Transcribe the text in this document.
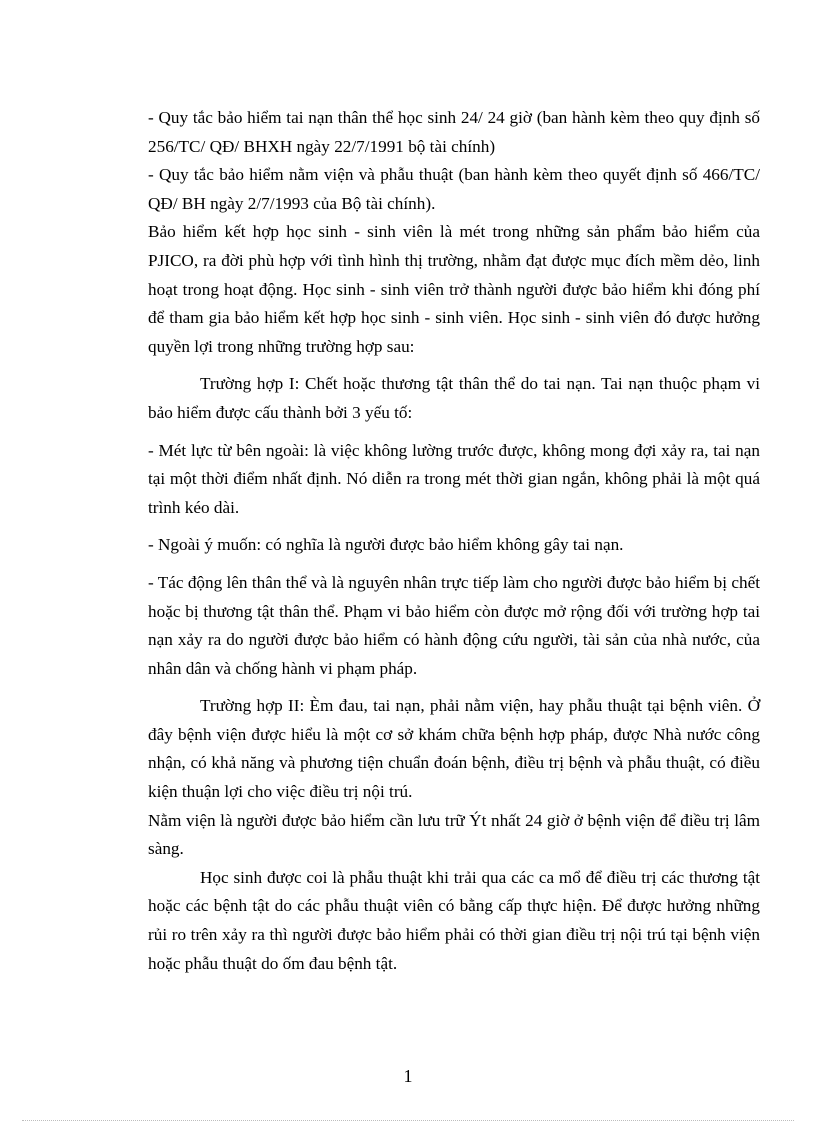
- Quy tắc bảo hiểm tai nạn thân thể học sinh 24/ 24 giờ (ban hành kèm theo quy định số 256/TC/ QĐ/ BHXH ngày 22/7/1991 bộ tài chính)

- Quy tắc bảo hiểm nằm viện và phẫu thuật (ban hành kèm theo quyết định số 466/TC/ QĐ/ BH ngày 2/7/1993 của Bộ tài chính).

Bảo hiểm kết hợp học sinh - sinh viên là mét trong những sản phẩm bảo hiểm của PJICO, ra đời phù hợp với tình hình thị trường, nhằm đạt được mục đích mềm dẻo, linh hoạt trong hoạt động. Học sinh - sinh viên trở thành người được bảo hiểm khi đóng phí để tham gia bảo hiểm kết hợp học sinh - sinh viên. Học sinh - sinh viên đó được hưởng quyền lợi trong những trường hợp sau:

Trường hợp I: Chết hoặc thương tật thân thể do tai nạn. Tai nạn thuộc phạm vi bảo hiểm được cấu thành bởi 3 yếu tố:

- Mét lực từ bên ngoài: là việc không lường trước được, không mong đợi xảy ra, tai nạn tại một thời điểm nhất định. Nó diễn ra trong mét thời gian ngắn, không phải là một quá trình kéo dài.

- Ngoài ý muốn: có nghĩa là người được bảo hiểm không gây tai nạn.

- Tác động lên thân thể và là nguyên nhân trực tiếp làm cho người được bảo hiểm bị chết hoặc bị thương tật thân thể. Phạm vi bảo hiểm còn được mở rộng đối với trường hợp tai nạn xảy ra do người được bảo hiểm có hành động cứu người, tài sản của nhà nước, của nhân dân và chống hành vi phạm pháp.

Trường hợp II: Èm đau, tai nạn, phải nằm viện, hay phẫu thuật tại bệnh viên. Ở đây bệnh viện được hiểu là một cơ sở khám chữa bệnh hợp pháp, được Nhà nước công nhận, có khả năng và phương tiện chuẩn đoán bệnh, điều trị bệnh và phẫu thuật, có điều kiện thuận lợi cho việc điều trị nội trú.

Nằm viện là người được bảo hiểm cần lưu trữ Ýt nhất 24 giờ ở bệnh viện để điều trị lâm sàng.

Học sinh được coi là phẫu thuật khi trải qua các ca mổ để điều trị các thương tật hoặc các bệnh tật do các phẫu thuật viên có bằng cấp thực hiện. Để được hưởng những rủi ro trên xảy ra thì người được bảo hiểm phải có thời gian điều trị nội trú tại bệnh viện hoặc phẫu thuật do ốm đau bệnh tật.

1
